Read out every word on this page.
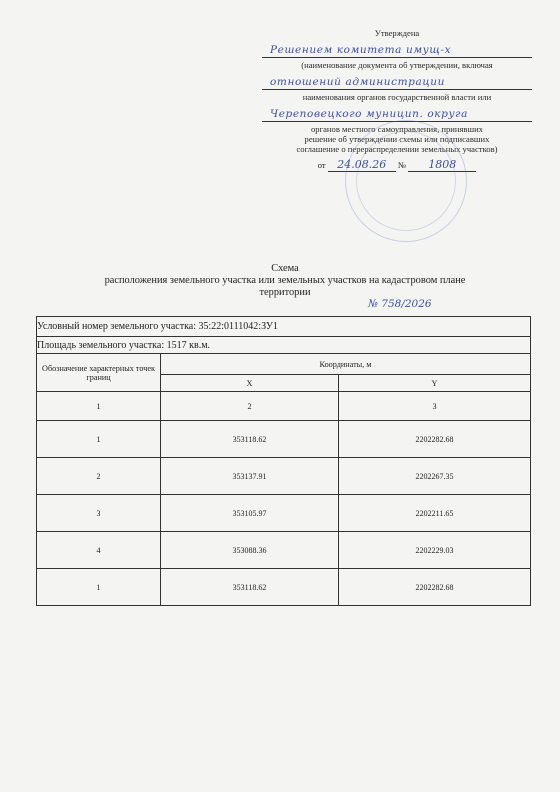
Утверждена
Решением комитета имущ-х
(наименование документа об утверждении, включая
отношений администрации
наименования органов государственной власти или
Череповецкого муницип. округа
органов местного самоуправления, принявших
решение об утверждении схемы или подписавших
соглашение о перераспределении земельных участков)
от 24.08.26 № 1808
Схема
расположения земельного участка или земельных участков на кадастровом плане
территории
№ 758/2026
Условный номер земельного участка: 35:22:0111042:ЗУ1		
Площадь земельного участка: 1517 кв.м.		
Обозначение характерных точек границ	Координаты, м	
	X	Y
1	2	3
1	353118.62	2202282.68
2	353137.91	2202267.35
3	353105.97	2202211.65
4	353088.36	2202229.03
1	353118.62	2202282.68
